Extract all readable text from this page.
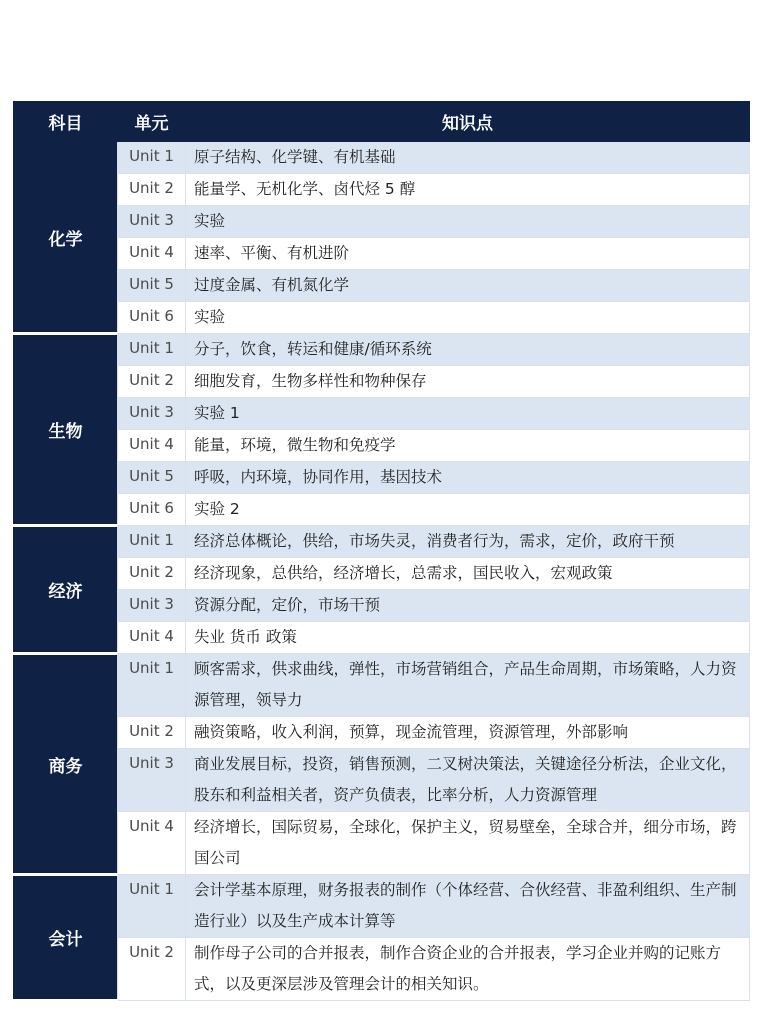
科目	单元	知识点
化学	Unit 1	原子结构、化学键、有机基础
	Unit 2	能量学、无机化学、卤代烃 5 醇
	Unit 3	实验
	Unit 4	速率、平衡、有机进阶
	Unit 5	过度金属、有机氮化学
	Unit 6	实验
生物	Unit 1	分子，饮食，转运和健康/循环系统
	Unit 2	细胞发育，生物多样性和物种保存
	Unit 3	实验 1
	Unit 4	能量，环境，微生物和免疫学
	Unit 5	呼吸，内环境，协同作用，基因技术
	Unit 6	实验 2
经济	Unit 1	经济总体概论，供给，市场失灵，消费者行为，需求，定价，政府干预
	Unit 2	经济现象，总供给，经济增长，总需求，国民收入，宏观政策
	Unit 3	资源分配，定价，市场干预
	Unit 4	失业 货币 政策
商务	Unit 1	顾客需求，供求曲线，弹性，市场营销组合，产品生命周期，市场策略，人力资源管理，领导力
	Unit 2	融资策略，收入利润，预算，现金流管理，资源管理，外部影响
	Unit 3	商业发展目标，投资，销售预测，二叉树决策法，关键途径分析法，企业文化，股东和利益相关者，资产负债表，比率分析，人力资源管理
	Unit 4	经济增长，国际贸易，全球化，保护主义，贸易壁垒，全球合并，细分市场，跨国公司
会计	Unit 1	会计学基本原理，财务报表的制作（个体经营、合伙经营、非盈利组织、生产制造行业）以及生产成本计算等
	Unit 2	制作母子公司的合并报表，制作合资企业的合并报表，学习企业并购的记账方式，以及更深层涉及管理会计的相关知识。
